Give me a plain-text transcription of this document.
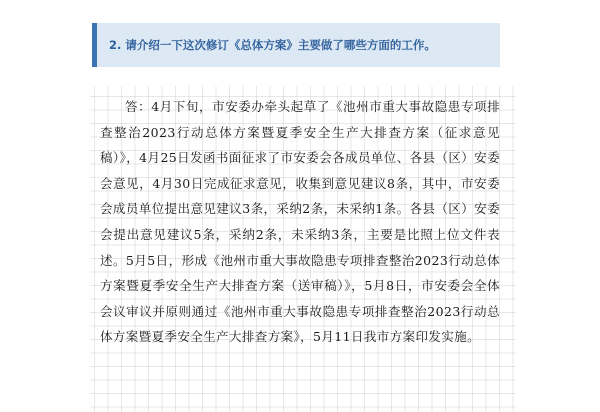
2. 请介绍一下这次修订《总体方案》主要做了哪些方面的工作。

答：4月下旬，市安委办牵头起草了《池州市重大事故隐患专项排查整治2023行动总体方案暨夏季安全生产大排查方案（征求意见稿）》，4月25日发函书面征求了市安委会各成员单位、各县（区）安委会意见，4月30日完成征求意见，收集到意见建议8条，其中，市安委会成员单位提出意见建议3条，采纳2条，未采纳1条。各县（区）安委会提出意见建议5条，采纳2条，未采纳3条，主要是比照上位文件表述。5月5日，形成《池州市重大事故隐患专项排查整治2023行动总体方案暨夏季安全生产大排查方案（送审稿）》，5月8日，市安委会全体会议审议并原则通过《池州市重大事故隐患专项排查整治2023行动总体方案暨夏季安全生产大排查方案》，5月11日我市方案印发实施。
